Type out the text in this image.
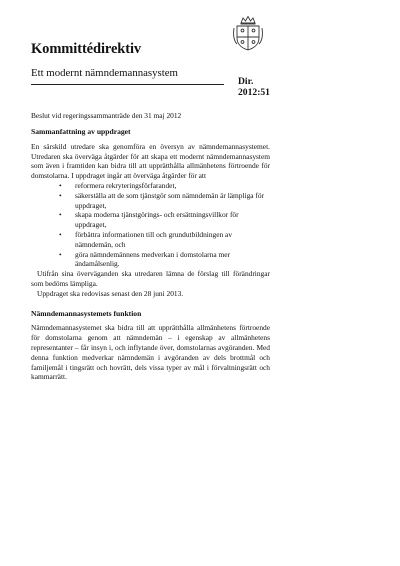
Kommittédirektiv
Ett modernt nämndemannasystem
Dir.
2012:51
Beslut vid regeringssammanträde den 31 maj 2012
Sammanfattning av uppdraget

En särskild utredare ska genomföra en översyn av nämndemannasystemet. Utredaren ska överväga åtgärder för att skapa ett modernt nämndemannasystem som även i framtiden kan bidra till att upprätthålla allmänhetens förtroende för domstolarna. I uppdraget ingår att överväga åtgärder för att

• reformera rekryteringsförfarandet,
• säkerställa att de som tjänstgör som nämndemän är lämpliga för uppdraget,
• skapa moderna tjänstgörings- och ersättningsvillkor för uppdraget,
• förbättra informationen till och grundutbildningen av nämndemän, och
• göra nämndemännens medverkan i domstolarna mer ändamålsenlig.

Utifrån sina överväganden ska utredaren lämna de förslag till förändringar som bedöms lämpliga.

Uppdraget ska redovisas senast den 28 juni 2013.

Nämndemannasystemets funktion

Nämndemannasystemet ska bidra till att upprätthålla allmänhetens förtroende för domstolarna genom att nämndemän – i egenskap av allmänhetens representanter – får insyn i, och inflytande över, domstolarnas avgöranden. Med denna funktion medverkar nämndemän i avgöranden av dels brottmål och familjemål i tingsrätt och hovrätt, dels vissa typer av mål i förvaltningsrätt och kammarrätt.
